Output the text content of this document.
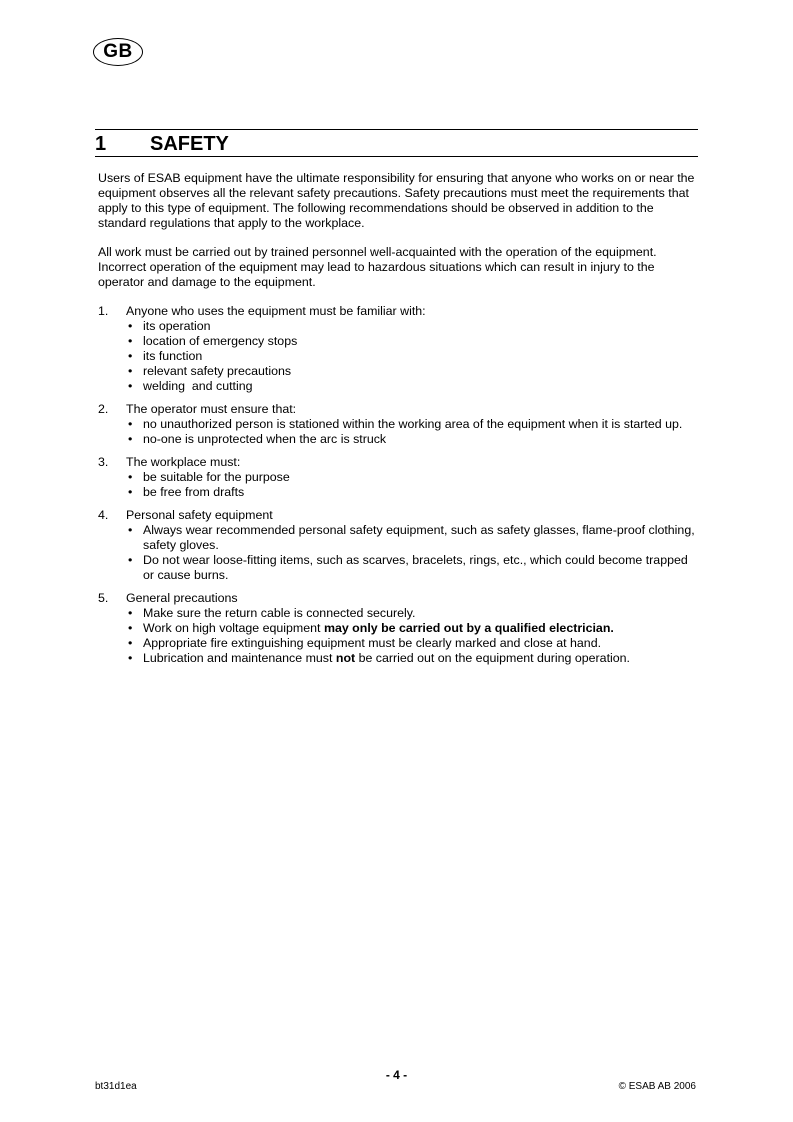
GB
1 SAFETY

Users of ESAB equipment have the ultimate responsibility for ensuring that anyone who works on or near the equipment observes all the relevant safety precautions. Safety precautions must meet the requirements that apply to this type of equipment. The following recommendations should be observed in addition to the standard regulations that apply to the workplace.

All work must be carried out by trained personnel well-acquainted with the operation of the equipment. Incorrect operation of the equipment may lead to hazardous situations which can result in injury to the operator and damage to the equipment.

1. Anyone who uses the equipment must be familiar with:
• its operation
• location of emergency stops
• its function
• relevant safety precautions
• welding  and cutting
2. The operator must ensure that:
• no unauthorized person is stationed within the working area of the equipment when it is started up.
• no-one is unprotected when the arc is struck
3. The workplace must:
• be suitable for the purpose
• be free from drafts
4. Personal safety equipment
• Always wear recommended personal safety equipment, such as safety glasses, flame-proof clothing, safety gloves.
• Do not wear loose-fitting items, such as scarves, bracelets, rings, etc., which could become trapped or cause burns.
5. General precautions
• Make sure the return cable is connected securely.
• Work on high voltage equipment may only be carried out by a qualified electrician.
• Appropriate fire extinguishing equipment must be clearly marked and close at hand.
• Lubrication and maintenance must not be carried out on the equipment during operation.
- 4 -
bt31d1ea	© ESAB AB 2006
